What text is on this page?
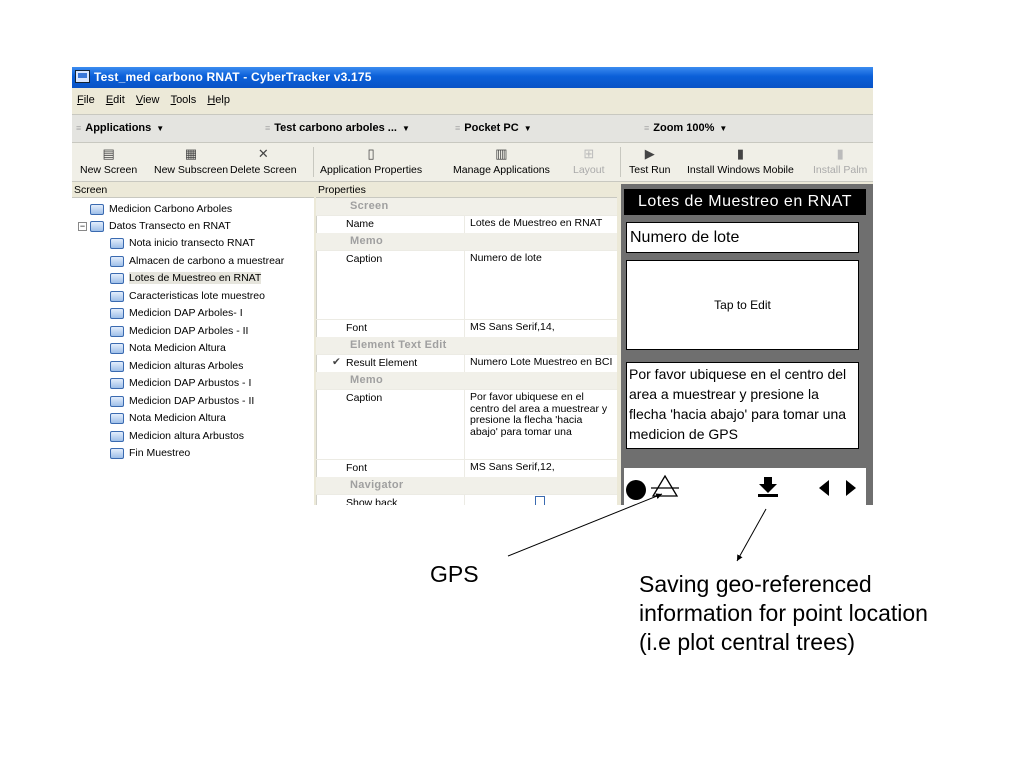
Test_med carbono RNAT - CyberTracker v3.175
File Edit View Tools Help
≡ Applications ▼	≡ Test carbono arboles ... ▼	≡ Pocket PC ▼	≡ Zoom 100% ▼
▤
New Screen
▦
New Subscreen
✕
Delete Screen
▯
Application Properties
▥
Manage Applications
⊞
Layout
▶
Test Run
▮
Install Windows Mobile
▮
Install Palm
Screen
Medicion Carbono Arboles
− Datos Transecto en RNAT
Nota inicio transecto RNAT
Almacen de carbono a muestrear
Lotes de Muestreo en RNAT
Caracteristicas lote muestreo
Medicion DAP Arboles- I
Medicion DAP Arboles - II
Nota Medicion Altura
Medicion alturas Arboles
Medicion DAP Arbustos - I
Medicion DAP Arbustos - II
Nota Medicion Altura
Medicion altura Arbustos
Fin Muestreo
Properties
Screen
Name	Lotes de Muestreo en RNAT
Memo
Caption	Numero de lote
Font	MS Sans Serif,14,
Element Text Edit
✔ Result Element	Numero Lote Muestreo en BCI
Memo
Caption	Por favor ubiquese en el centro del area a muestrear y presione la flecha 'hacia abajo' para tomar una
Font	MS Sans Serif,12,
Navigator
Show back
Lotes de Muestreo en RNAT
Numero de lote
Tap to Edit
Por favor ubiquese en el centro del area a muestrear y presione la flecha 'hacia abajo' para tomar una medicion de GPS
GPS	Saving geo-referenced information for point location (i.e plot central trees)
